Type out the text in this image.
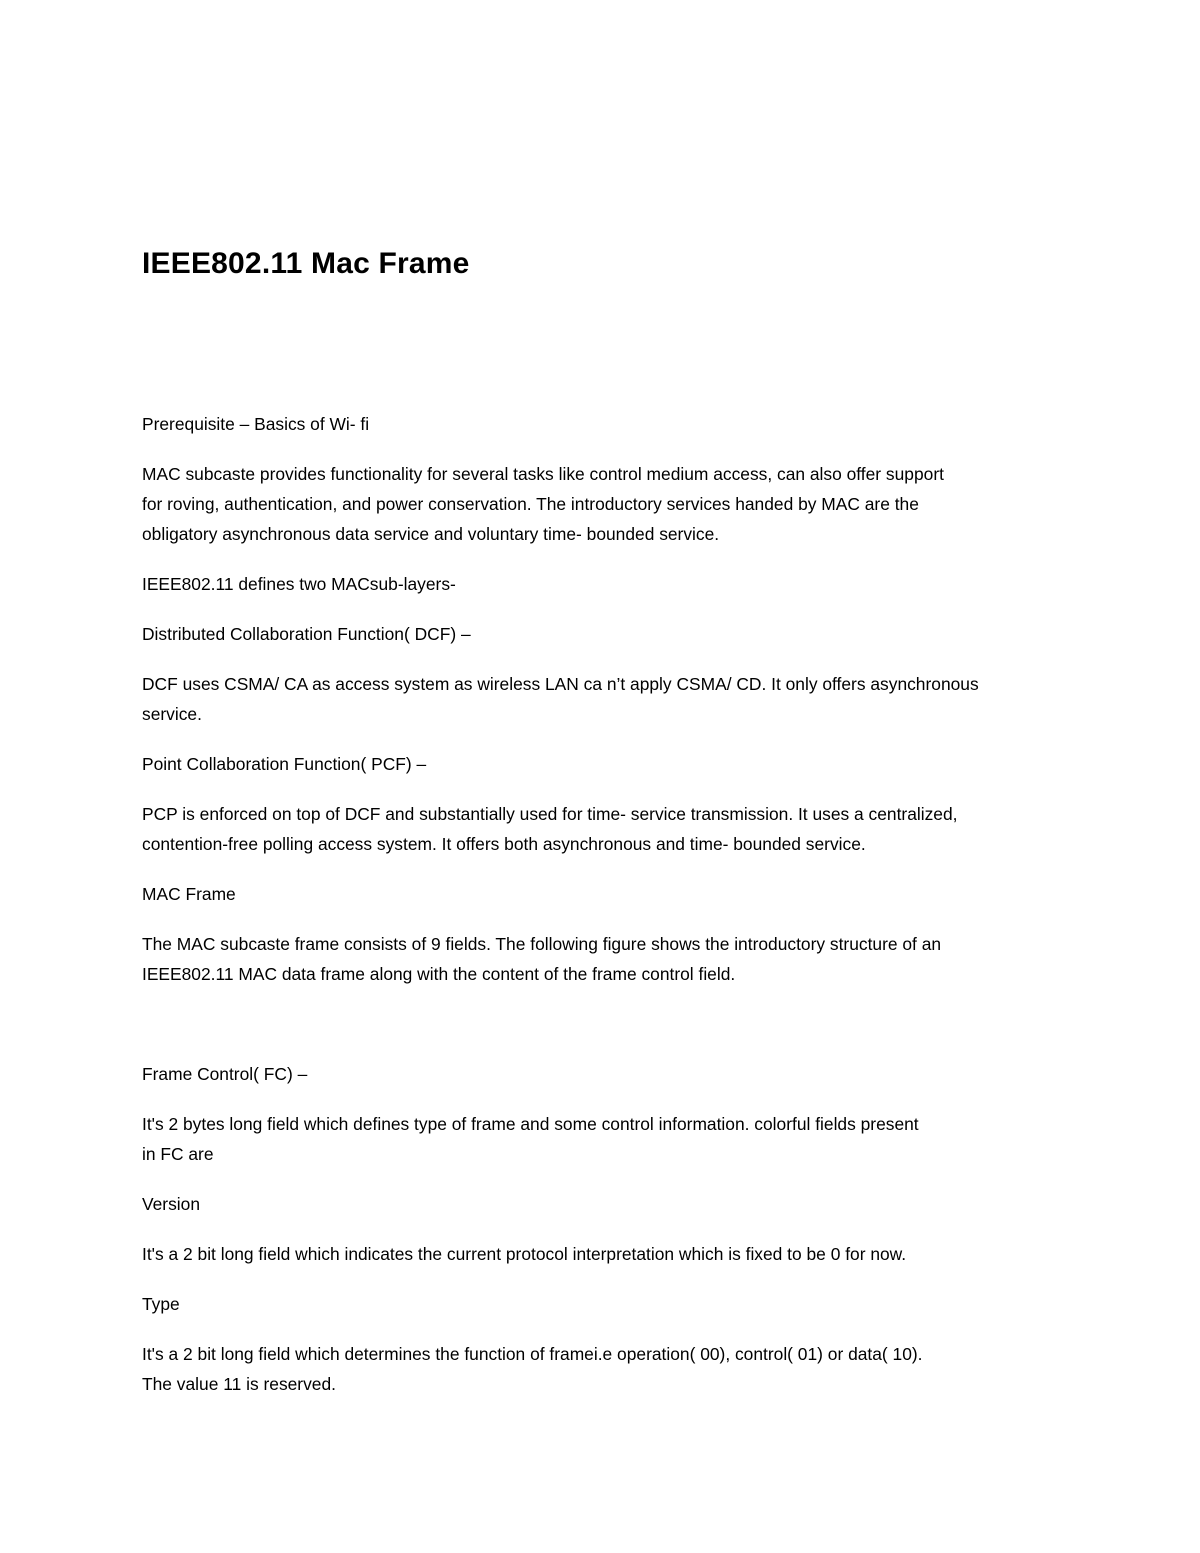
IEEE802.11 Mac Frame
Prerequisite – Basics of Wi- fi
MAC subcaste provides functionality for several tasks like control medium access, can also offer support
for roving, authentication, and power conservation. The introductory services handed by MAC are the
obligatory asynchronous data service and voluntary time- bounded service.
IEEE802.11 defines two MACsub-layers-
Distributed Collaboration Function( DCF) –
DCF uses CSMA/ CA as access system as wireless LAN ca n’t apply CSMA/ CD. It only offers asynchronous
service.
Point Collaboration Function( PCF) –
PCP is enforced on top of DCF and substantially used for time- service transmission. It uses a centralized,
contention-free polling access system. It offers both asynchronous and time- bounded service.
MAC Frame
The MAC subcaste frame consists of 9 fields. The following figure shows the introductory structure of an
IEEE802.11 MAC data frame along with the content of the frame control field.
Frame Control( FC) –
It's 2 bytes long field which defines type of frame and some control information. colorful fields present
in FC are
Version
It's a 2 bit long field which indicates the current protocol interpretation which is fixed to be 0 for now.
Type
It's a 2 bit long field which determines the function of framei.e operation( 00), control( 01) or data( 10).
The value 11 is reserved.
